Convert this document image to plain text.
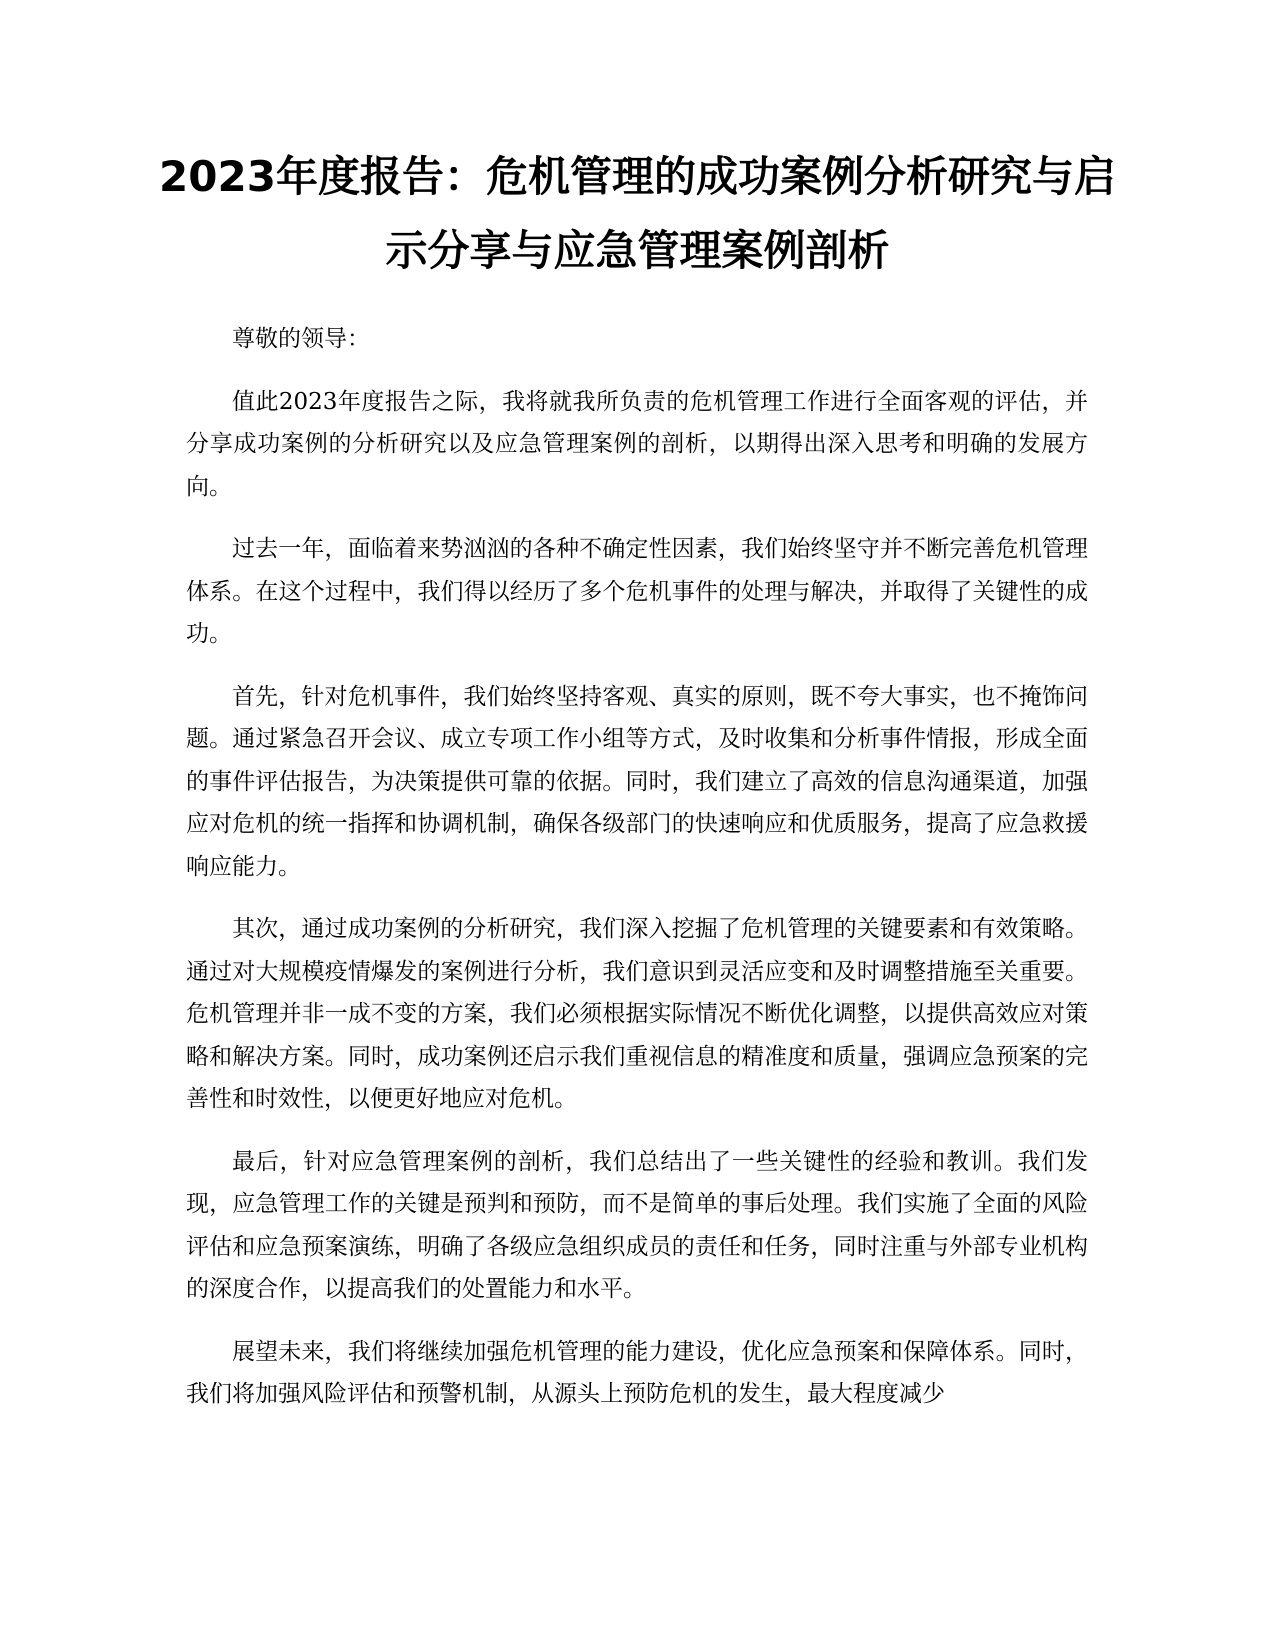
2023年度报告：危机管理的成功案例分析研究与启示分享与应急管理案例剖析

尊敬的领导：

值此2023年度报告之际，我将就我所负责的危机管理工作进行全面客观的评估，并分享成功案例的分析研究以及应急管理案例的剖析，以期得出深入思考和明确的发展方向。

过去一年，面临着来势汹汹的各种不确定性因素，我们始终坚守并不断完善危机管理体系。在这个过程中，我们得以经历了多个危机事件的处理与解决，并取得了关键性的成功。

首先，针对危机事件，我们始终坚持客观、真实的原则，既不夸大事实，也不掩饰问题。通过紧急召开会议、成立专项工作小组等方式，及时收集和分析事件情报，形成全面的事件评估报告，为决策提供可靠的依据。同时，我们建立了高效的信息沟通渠道，加强应对危机的统一指挥和协调机制，确保各级部门的快速响应和优质服务，提高了应急救援响应能力。

其次，通过成功案例的分析研究，我们深入挖掘了危机管理的关键要素和有效策略。通过对大规模疫情爆发的案例进行分析，我们意识到灵活应变和及时调整措施至关重要。危机管理并非一成不变的方案，我们必须根据实际情况不断优化调整，以提供高效应对策略和解决方案。同时，成功案例还启示我们重视信息的精准度和质量，强调应急预案的完善性和时效性，以便更好地应对危机。

最后，针对应急管理案例的剖析，我们总结出了一些关键性的经验和教训。我们发现，应急管理工作的关键是预判和预防，而不是简单的事后处理。我们实施了全面的风险评估和应急预案演练，明确了各级应急组织成员的责任和任务，同时注重与外部专业机构的深度合作，以提高我们的处置能力和水平。

展望未来，我们将继续加强危机管理的能力建设，优化应急预案和保障体系。同时，我们将加强风险评估和预警机制，从源头上预防危机的发生，最大程度减少
